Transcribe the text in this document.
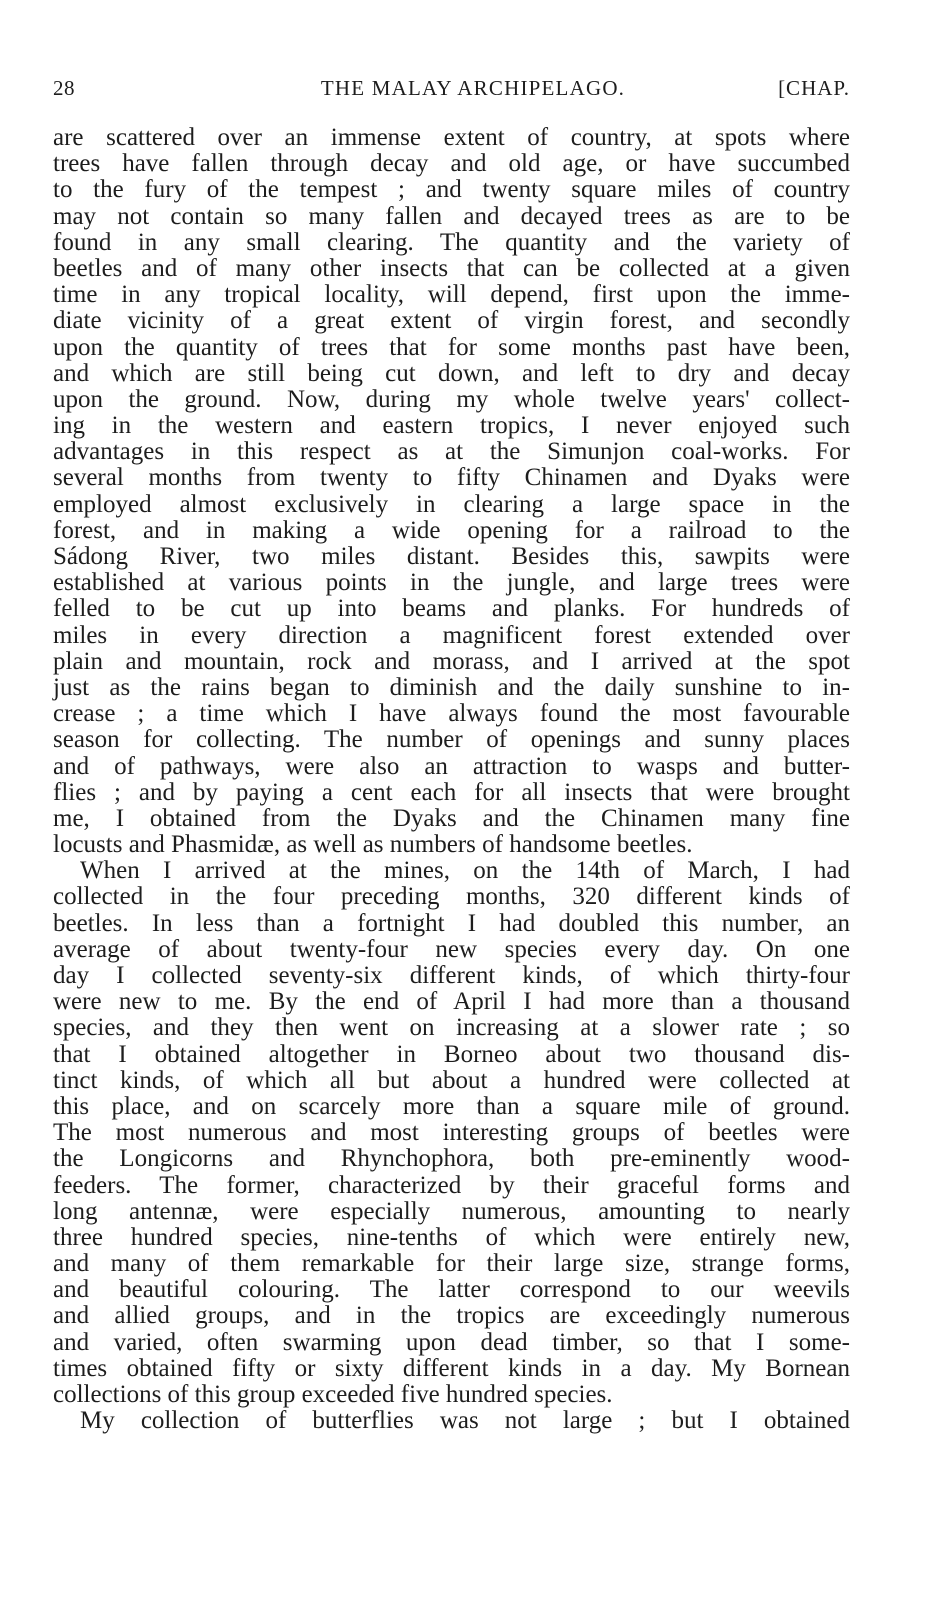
28	THE MALAY ARCHIPELAGO.	[CHAP.
are scattered over an immense extent of country, at spots where
trees have fallen through decay and old age, or have succumbed
to the fury of the tempest ; and twenty square miles of country
may not contain so many fallen and decayed trees as are to be
found in any small clearing. The quantity and the variety of
beetles and of many other insects that can be collected at a given
time in any tropical locality, will depend, first upon the imme-
diate vicinity of a great extent of virgin forest, and secondly
upon the quantity of trees that for some months past have been,
and which are still being cut down, and left to dry and decay
upon the ground. Now, during my whole twelve years' collect-
ing in the western and eastern tropics, I never enjoyed such
advantages in this respect as at the Simunjon coal-works. For
several months from twenty to fifty Chinamen and Dyaks were
employed almost exclusively in clearing a large space in the
forest, and in making a wide opening for a railroad to the
Sádong River, two miles distant. Besides this, sawpits were
established at various points in the jungle, and large trees were
felled to be cut up into beams and planks. For hundreds of
miles in every direction a magnificent forest extended over
plain and mountain, rock and morass, and I arrived at the spot
just as the rains began to diminish and the daily sunshine to in-
crease ; a time which I have always found the most favourable
season for collecting. The number of openings and sunny places
and of pathways, were also an attraction to wasps and butter-
flies ; and by paying a cent each for all insects that were brought
me, I obtained from the Dyaks and the Chinamen many fine
locusts and Phasmidæ, as well as numbers of handsome beetles.
When I arrived at the mines, on the 14th of March, I had
collected in the four preceding months, 320 different kinds of
beetles. In less than a fortnight I had doubled this number, an
average of about twenty-four new species every day. On one
day I collected seventy-six different kinds, of which thirty-four
were new to me. By the end of April I had more than a thousand
species, and they then went on increasing at a slower rate ; so
that I obtained altogether in Borneo about two thousand dis-
tinct kinds, of which all but about a hundred were collected at
this place, and on scarcely more than a square mile of ground.
The most numerous and most interesting groups of beetles were
the Longicorns and Rhynchophora, both pre-eminently wood-
feeders. The former, characterized by their graceful forms and
long antennæ, were especially numerous, amounting to nearly
three hundred species, nine-tenths of which were entirely new,
and many of them remarkable for their large size, strange forms,
and beautiful colouring. The latter correspond to our weevils
and allied groups, and in the tropics are exceedingly numerous
and varied, often swarming upon dead timber, so that I some-
times obtained fifty or sixty different kinds in a day. My Bornean
collections of this group exceeded five hundred species.
My collection of butterflies was not large ; but I obtained
